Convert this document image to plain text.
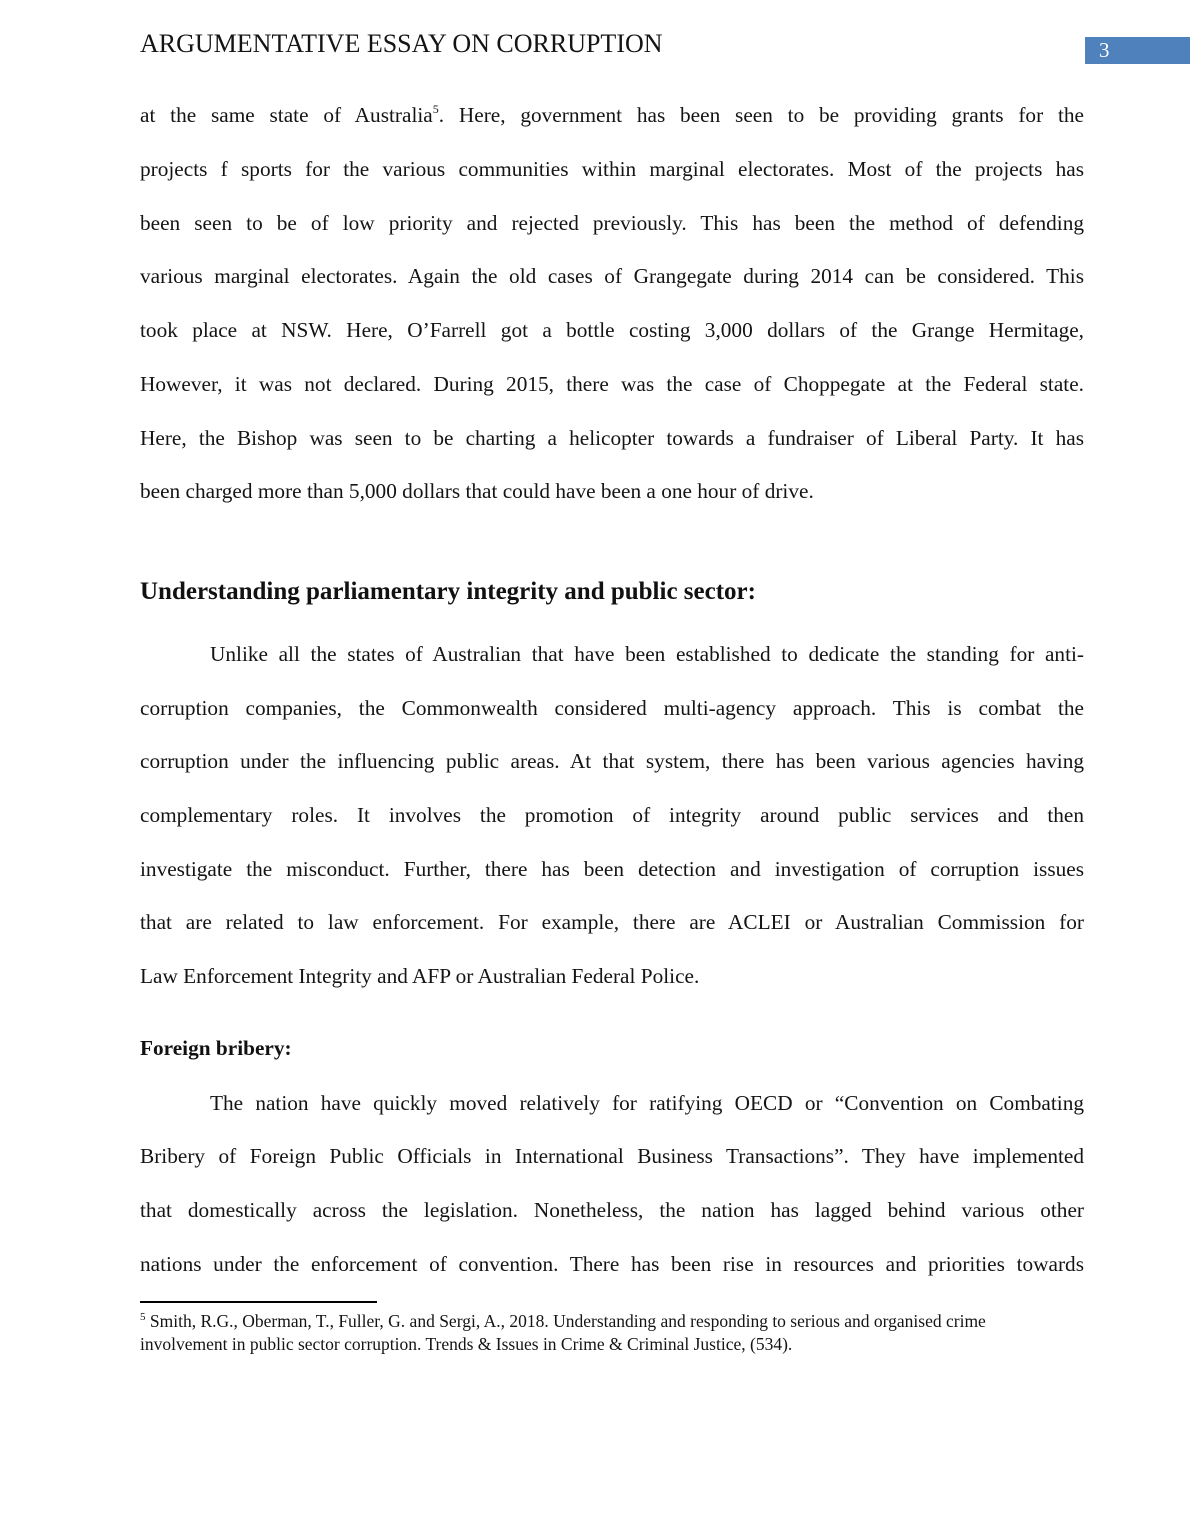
ARGUMENTATIVE ESSAY ON CORRUPTION	3
at the same state of Australia$^5$. Here, government has been seen to be providing grants for the
projects f sports for the various communities within marginal electorates. Most of the projects has
been seen to be of low priority and rejected previously. This has been the method of defending
various marginal electorates. Again the old cases of Grangegate during 2014 can be considered. This
took place at NSW. Here, O’Farrell got a bottle costing 3,000 dollars of the Grange Hermitage,
However, it was not declared. During 2015, there was the case of Choppegate at the Federal state.
Here, the Bishop was seen to be charting a helicopter towards a fundraiser of Liberal Party. It has
been charged more than 5,000 dollars that could have been a one hour of drive.
Understanding parliamentary integrity and public sector:
Unlike all the states of Australian that have been established to dedicate the standing for anti-
corruption companies, the Commonwealth considered multi-agency approach. This is combat the
corruption under the influencing public areas. At that system, there has been various agencies having
complementary roles. It involves the promotion of integrity around public services and then
investigate the misconduct. Further, there has been detection and investigation of corruption issues
that are related to law enforcement. For example, there are ACLEI or Australian Commission for
Law Enforcement Integrity and AFP or Australian Federal Police.
Foreign bribery:
The nation have quickly moved relatively for ratifying OECD or “Convention on Combating
Bribery of Foreign Public Officials in International Business Transactions”. They have implemented
that domestically across the legislation. Nonetheless, the nation has lagged behind various other
nations under the enforcement of convention. There has been rise in resources and priorities towards
$^5$ Smith, R.G., Oberman, T., Fuller, G. and Sergi, A., 2018. Understanding and responding to serious and organised crime involvement in public sector corruption. Trends & Issues in Crime & Criminal Justice, (534).
